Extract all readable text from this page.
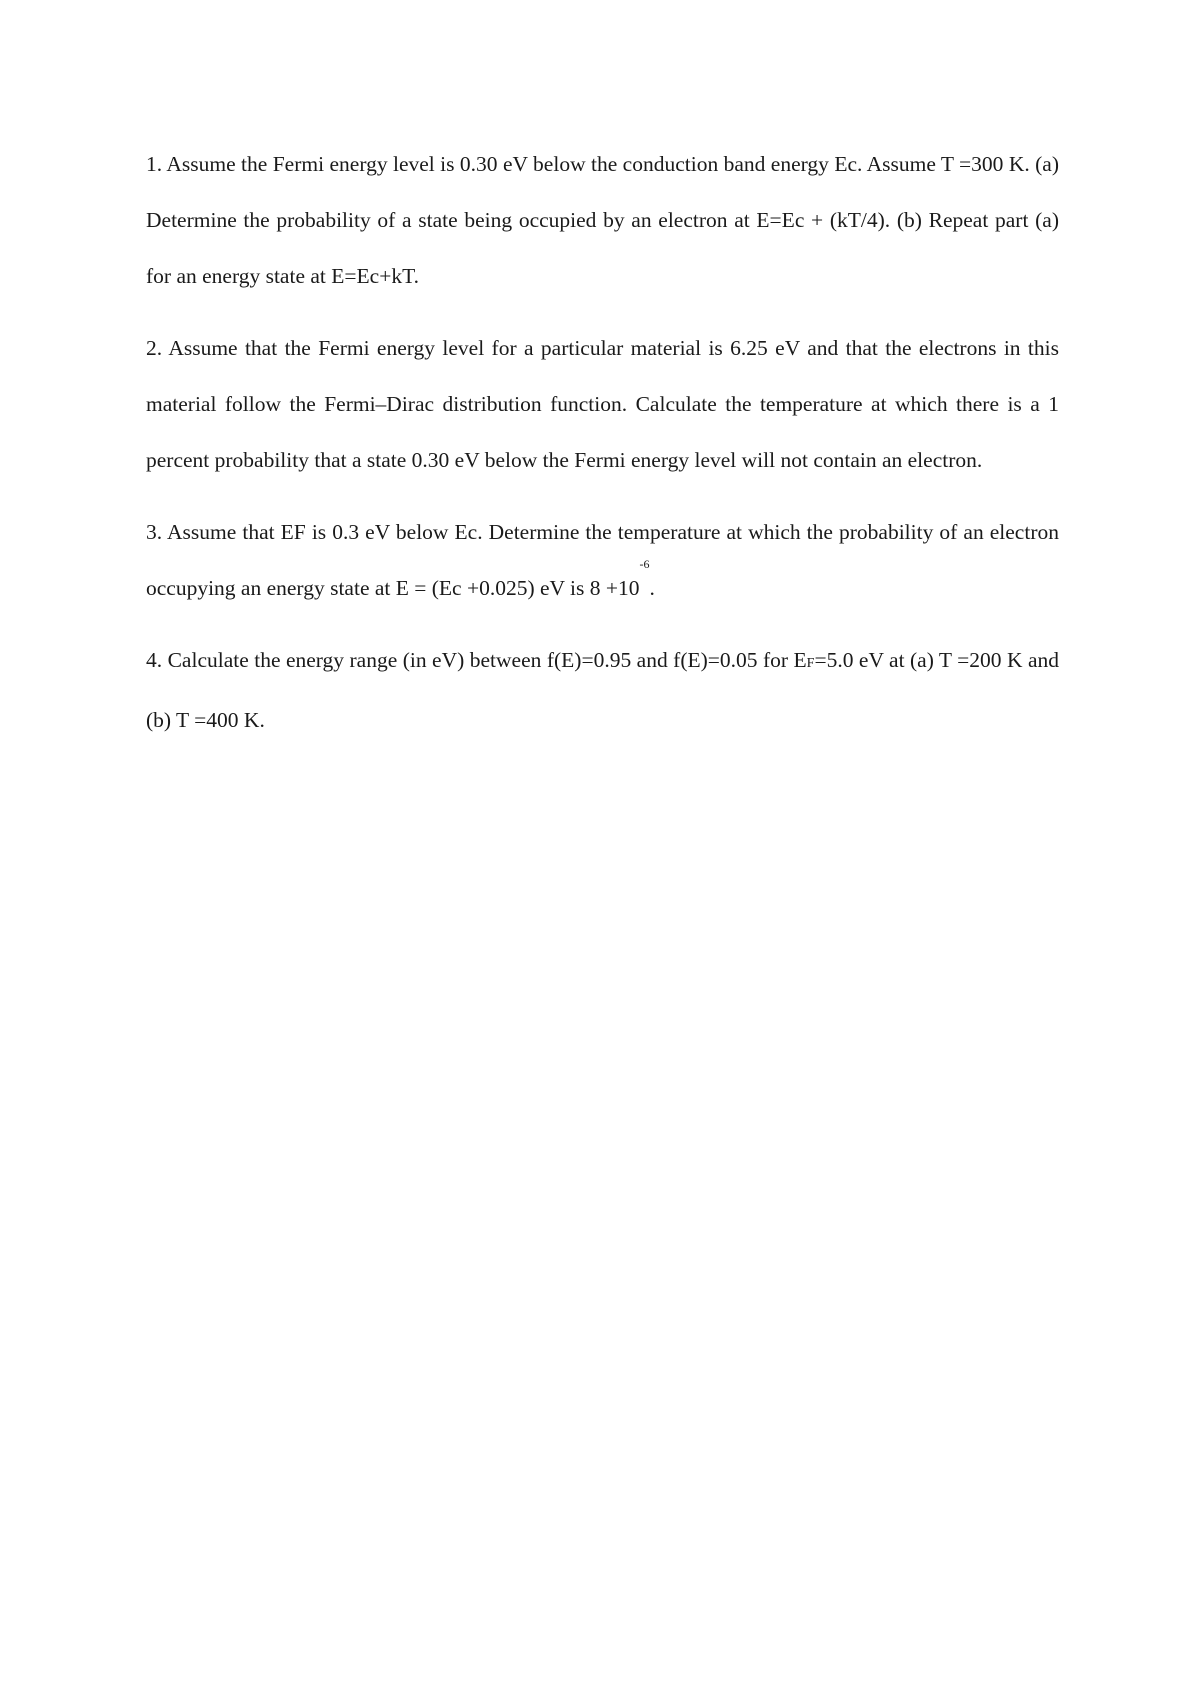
1. Assume the Fermi energy level is 0.30 eV below the conduction band energy Ec. Assume T =300 K. (a) Determine the probability of a state being occupied by an electron at E=Ec + (kT/4). (b) Repeat part (a) for an energy state at E=Ec+kT.

2. Assume that the Fermi energy level for a particular material is 6.25 eV and that the electrons in this material follow the Fermi–Dirac distribution function. Calculate the temperature at which there is a 1 percent probability that a state 0.30 eV below the Fermi energy level will not contain an electron.

3. Assume that EF is 0.3 eV below Ec. Determine the temperature at which the probability of an electron occupying an energy state at E = (Ec +0.025) eV is $8 +10^{-6}$.

4. Calculate the energy range (in eV) between f(E)=0.95 and f(E)=0.05 for EF=5.0 eV at (a) T =200 K and (b) T =400 K.
